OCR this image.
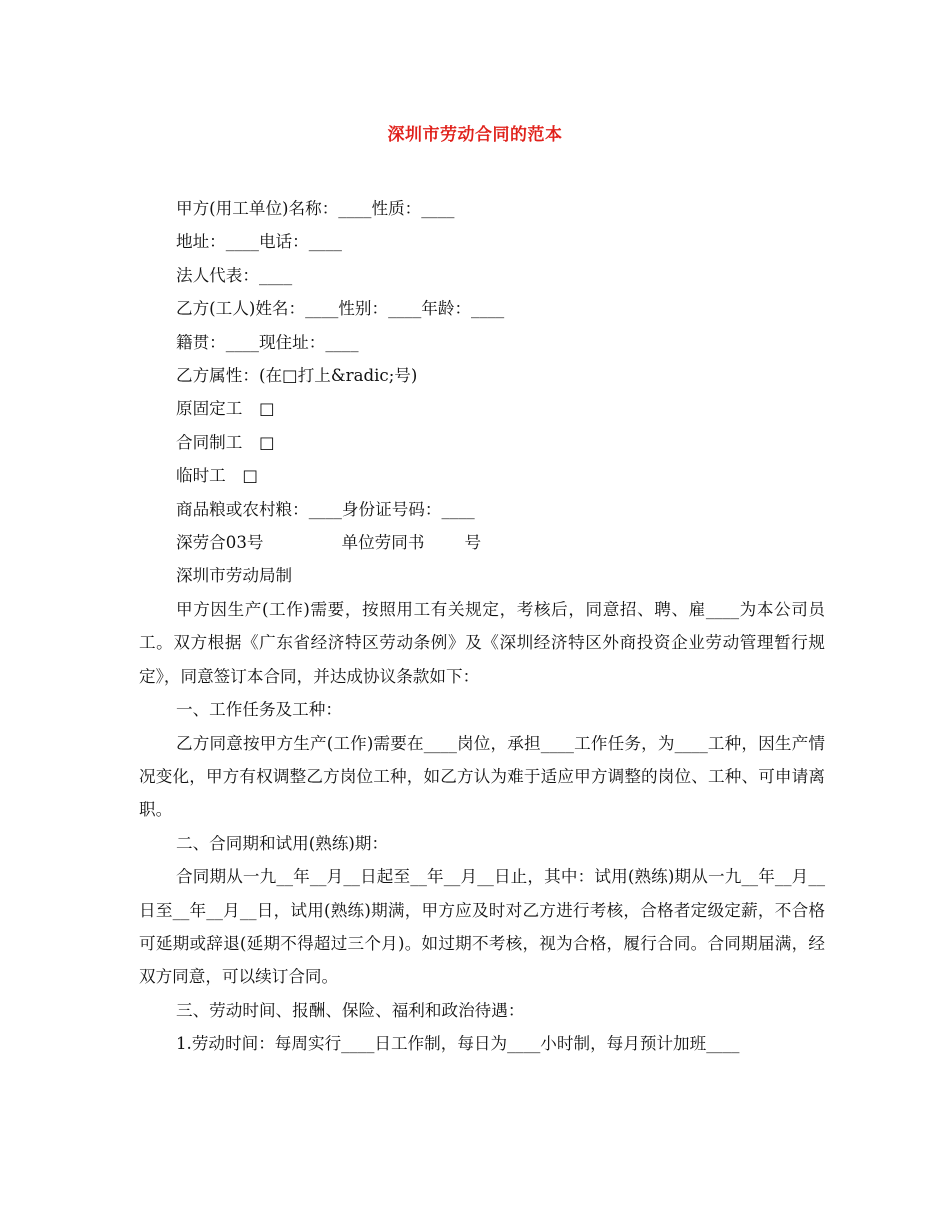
深圳市劳动合同的范本

甲方(用工单位)名称：____性质：____

地址：____电话：____

法人代表：____

乙方(工人)姓名：____性别：____年龄：____

籍贯：____现住址：____

乙方属性：(在□打上&radic;号)

原固定工　□

合同制工　□

临时工　□

商品粮或农村粮：____身份证号码：____

深劳合03号	单位劳同书 号

深圳市劳动局制

甲方因生产(工作)需要，按照用工有关规定，考核后，同意招、聘、雇____为本公司员工。双方根据《广东省经济特区劳动条例》及《深圳经济特区外商投资企业劳动管理暂行规定》，同意签订本合同，并达成协议条款如下：

一、工作任务及工种：

乙方同意按甲方生产(工作)需要在____岗位，承担____工作任务，为____工种，因生产情况变化，甲方有权调整乙方岗位工种，如乙方认为难于适应甲方调整的岗位、工种、可申请离职。

二、合同期和试用(熟练)期：

合同期从一九__年__月__日起至__年__月__日止，其中：试用(熟练)期从一九__年__月__日至__年__月__日，试用(熟练)期满，甲方应及时对乙方进行考核，合格者定级定薪，不合格可延期或辞退(延期不得超过三个月)。如过期不考核，视为合格，履行合同。合同期届满，经双方同意，可以续订合同。

三、劳动时间、报酬、保险、福利和政治待遇：

1.劳动时间：每周实行____日工作制，每日为____小时制，每月预计加班____
